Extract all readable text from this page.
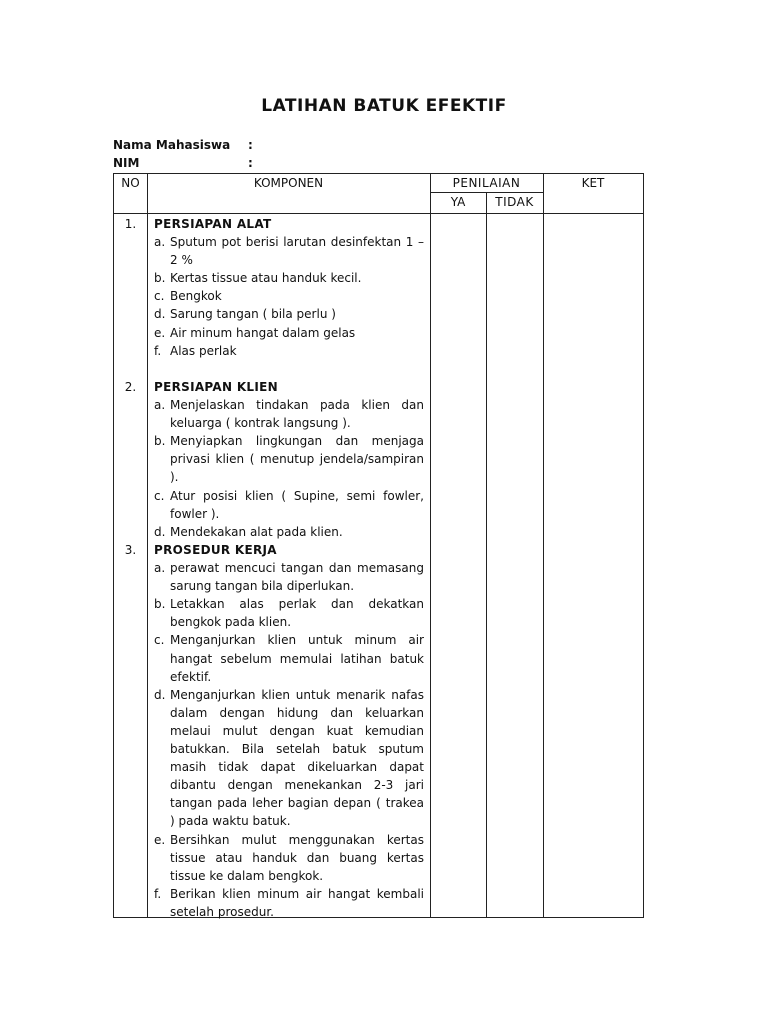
LATIHAN BATUK EFEKTIF
Nama Mahasiswa :
NIM	:
NO	KOMPONEN	PENILAIAN
YA	TIDAK
KET
1.	PERSIAPAN ALAT
a. Sputum pot berisi larutan desinfektan 1 – 2 %
b. Kertas tissue atau handuk kecil.
c. Bengkok
d. Sarung tangan ( bila perlu )
e. Air minum hangat dalam gelas
f. Alas perlak
2.	PERSIAPAN KLIEN
a. Menjelaskan tindakan pada klien dan keluarga ( kontrak langsung ).
b. Menyiapkan lingkungan dan menjaga privasi klien ( menutup jendela/sampiran ).
c. Atur posisi klien ( Supine, semi fowler, fowler ).
d. Mendekakan alat pada klien.
3.	PROSEDUR KERJA
a. perawat mencuci tangan dan memasang sarung tangan bila diperlukan.
b. Letakkan alas perlak dan dekatkan bengkok pada klien.
c. Menganjurkan klien untuk minum air hangat sebelum memulai latihan batuk efektif.
d. Menganjurkan klien untuk menarik nafas dalam dengan hidung dan keluarkan melaui mulut dengan kuat kemudian batukkan. Bila setelah batuk sputum masih tidak dapat dikeluarkan dapat dibantu dengan menekankan 2-3 jari tangan pada leher bagian depan ( trakea ) pada waktu batuk.
e. Bersihkan mulut menggunakan kertas tissue atau handuk dan buang kertas tissue ke dalam bengkok.
f. Berikan klien minum air hangat kembali setelah prosedur.
